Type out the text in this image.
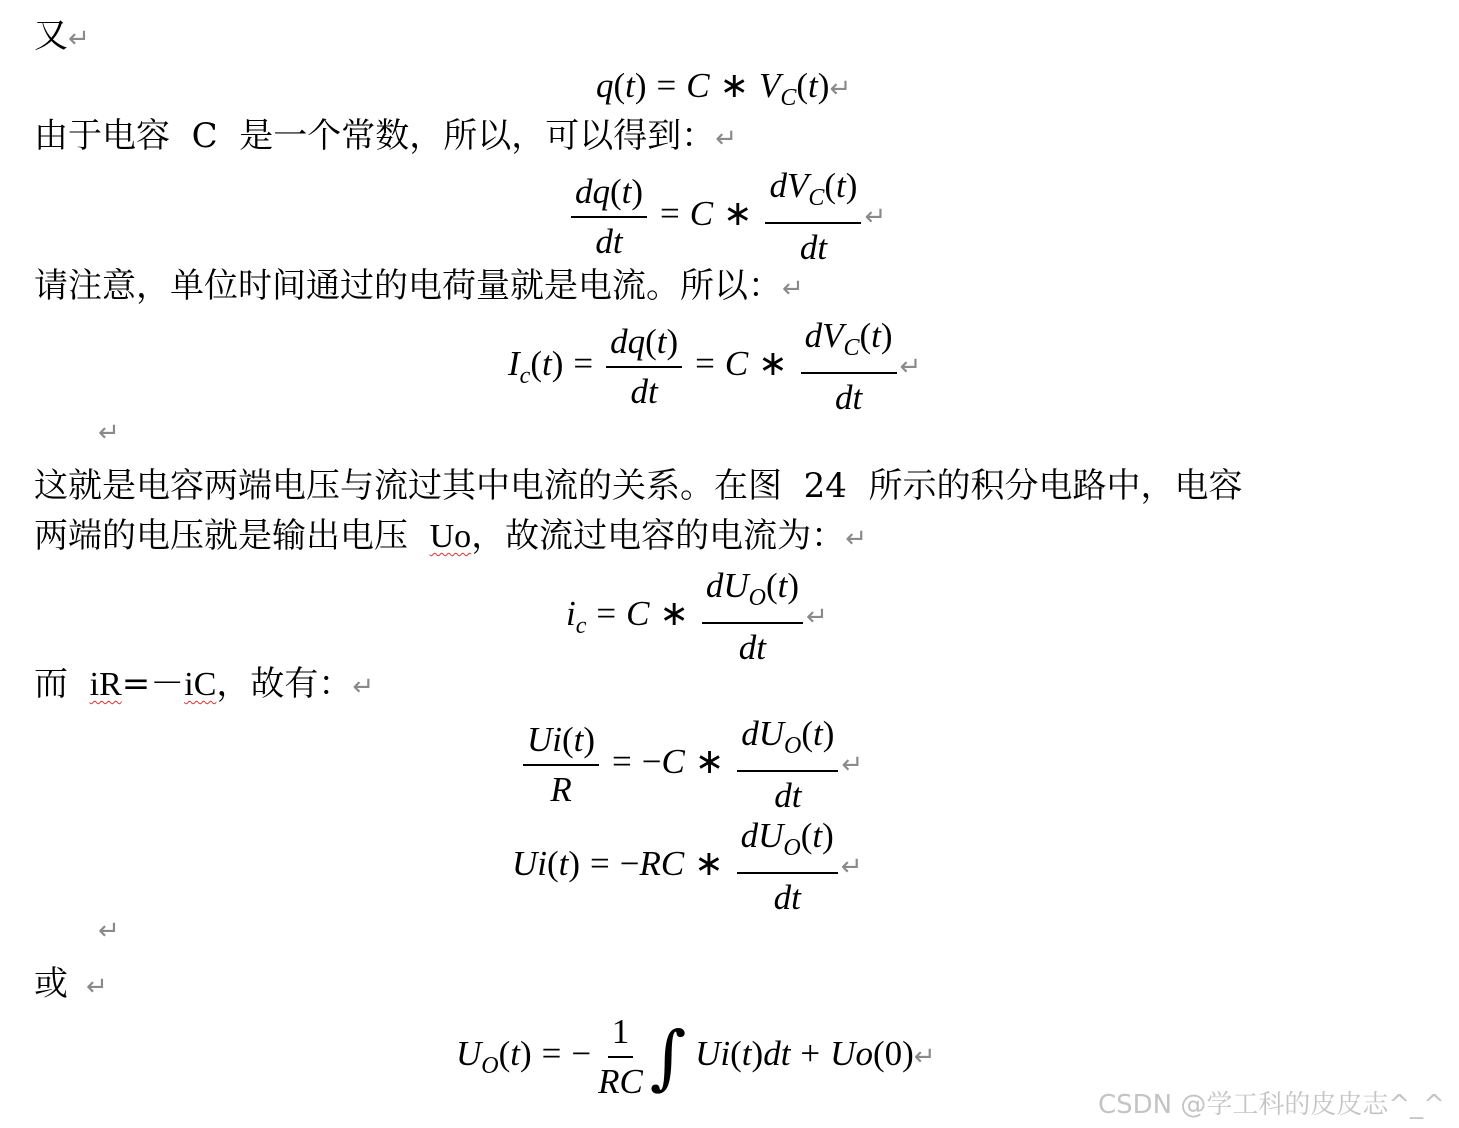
又↵
q(t) = C ∗ $V_C(t)↵$
由于电容  C  是一个常数，所以，可以得到：↵
$\frac{dq(t)}{dt} = C$ ∗ $\frac{dV_C(t)}{dt}$ ↵
请注意，单位时间通过的电荷量就是电流。所以：↵
$I_c(t) = \frac{dq(t)}{dt} = C$ ∗ $\frac{dV_C(t)}{dt}$ ↵
↵
这就是电容两端电压与流过其中电流的关系。在图  24  所示的积分电路中，电容
两端的电压就是输出电压  Uo，故流过电容的电流为：↵
$i_c = C$ ∗ $\frac{dU_O(t)}{dt}$ ↵
而  iR=－iC，故有：↵
$\frac{Ui(t)}{R} = -C$ ∗ $\frac{dU_O(t)}{dt}$ ↵
Ui(t) = −RC ∗ $\frac{dU_O(t)}{dt}$ ↵
↵
或 ↵
$U_O(t)$ = − $\frac{1}{RC}$ ∫ Ui(t)dt + Uo(0)↵
CSDN @学工科的皮皮志^_^
